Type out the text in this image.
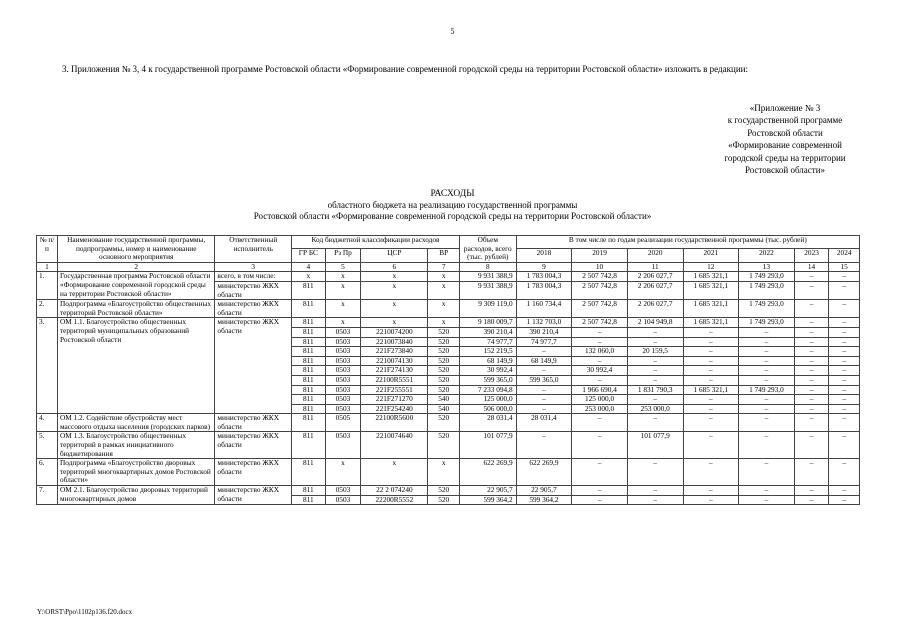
5
3. Приложения № 3, 4 к государственной программе Ростовской области «Формирование современной городской среды на территории Ростовской области» изложить в редакции:
«Приложение № 3
к государственной программе
Ростовской области
«Формирование современной
городской среды на территории
Ростовской области»
РАСХОДЫ
областного бюджета на реализацию государственной программы
Ростовской области «Формирование современной городской среды на территории Ростовской области»
№ п/п	Наименование государственной программы, подпрограммы, номер и наименование основного мероприятия	Ответственный исполнитель	Код бюджетной классификации расходов				Объем расходов, всего (тыс. рублей)	В том числе по годам реализации государственной программы (тыс. рублей)						
			ГР БС	Рз Пр	ЦСР	ВР		2018	2019	2020	2021	2022	2023	2024
1	2	3	4	5	6	7	8	9	10	11	12	13	14	15
1.	Государственная программа Ростовской области «Формирование современной городской среды на территории Ростовской области»	всего, в том числе:	х	х	х	х	9 931 388,9	1 783 004,3	2 507 742,8	2 206 027,7	1 685 321,1	1 749 293,0	–	–
		министерство ЖКХ области	811	х	х	х	9 931 388,9	1 783 004,3	2 507 742,8	2 206 027,7	1 685 321,1	1 749 293,0	–	–
2.	Подпрограмма «Благоустройство общественных территорий Ростовской области»	министерство ЖКХ области	811	х	х	х	9 309 119,0	1 160 734,4	2 507 742,8	2 206 027,7	1 685 321,1	1 749 293,0	–	–
3.	ОМ 1.1. Благоустройство общественных территорий муниципальных образований Ростовской области	министерство ЖКХ области	811	х	х	х	9 180 009,7	1 132 703,0	2 507 742,8	2 104 949,8	1 685 321,1	1 749 293,0	–	–
			811	0503	2210074200	520	390 210,4	390 210,4	–	–	–	–	–	–
			811	0503	2210073840	520	74 977,7	74 977,7	–	–	–	–	–	–
			811	0503	221F273840	520	152 219,5	–	132 060,0	20 159,5	–	–	–	–
			811	0503	2210074130	520	68 149,9	68 149,9	–	–	–	–	–	–
			811	0503	221F274130	520	30 992,4	–	30 992,4	–	–	–	–	–
			811	0503	22100R5551	520	599 365,0	599 365,0	–	–	–	–	–	–
			811	0503	221F255551	520	7 233 094,8	–	1 966 690,4	1 831 790,3	1 685 321,1	1 749 293,0	–	–
			811	0503	221F271270	540	125 000,0	–	125 000,0	–	–	–	–	–
			811	0503	221F254240	540	506 000,0	–	253 000,0	253 000,0	–	–	–	–
4.	ОМ 1.2. Содействие обустройству мест массового отдыха населения (городских парков)	министерство ЖКХ области	811	0505	22100R5600	520	28 031,4	28 031,4	–	–	–	–	–	–
5.	ОМ 1.3. Благоустройство общественных территорий в рамках инициативного бюджетирования	министерство ЖКХ области	811	0503	2210074640	520	101 077,9	–	–	101 077,9	–	–	–	–
6.	Подпрограмма «Благоустройство дворовых территорий многоквартирных домов Ростовской области»	министерство ЖКХ области	811	х	х	х	622 269,9	622 269,9	–	–	–	–	–	–
7.	ОМ 2.1. Благоустройство дворовых территорий многоквартирных домов	министерство ЖКХ области	811	0503	22 2 074240	520	22 905,7	22 905,7	–	–	–	–	–	–
			811	0503	22200R5552	520	599 364,2	599 364,2	–	–	–	–	–	–
Y:\ORST\Ppo\1102p136.f20.docx
